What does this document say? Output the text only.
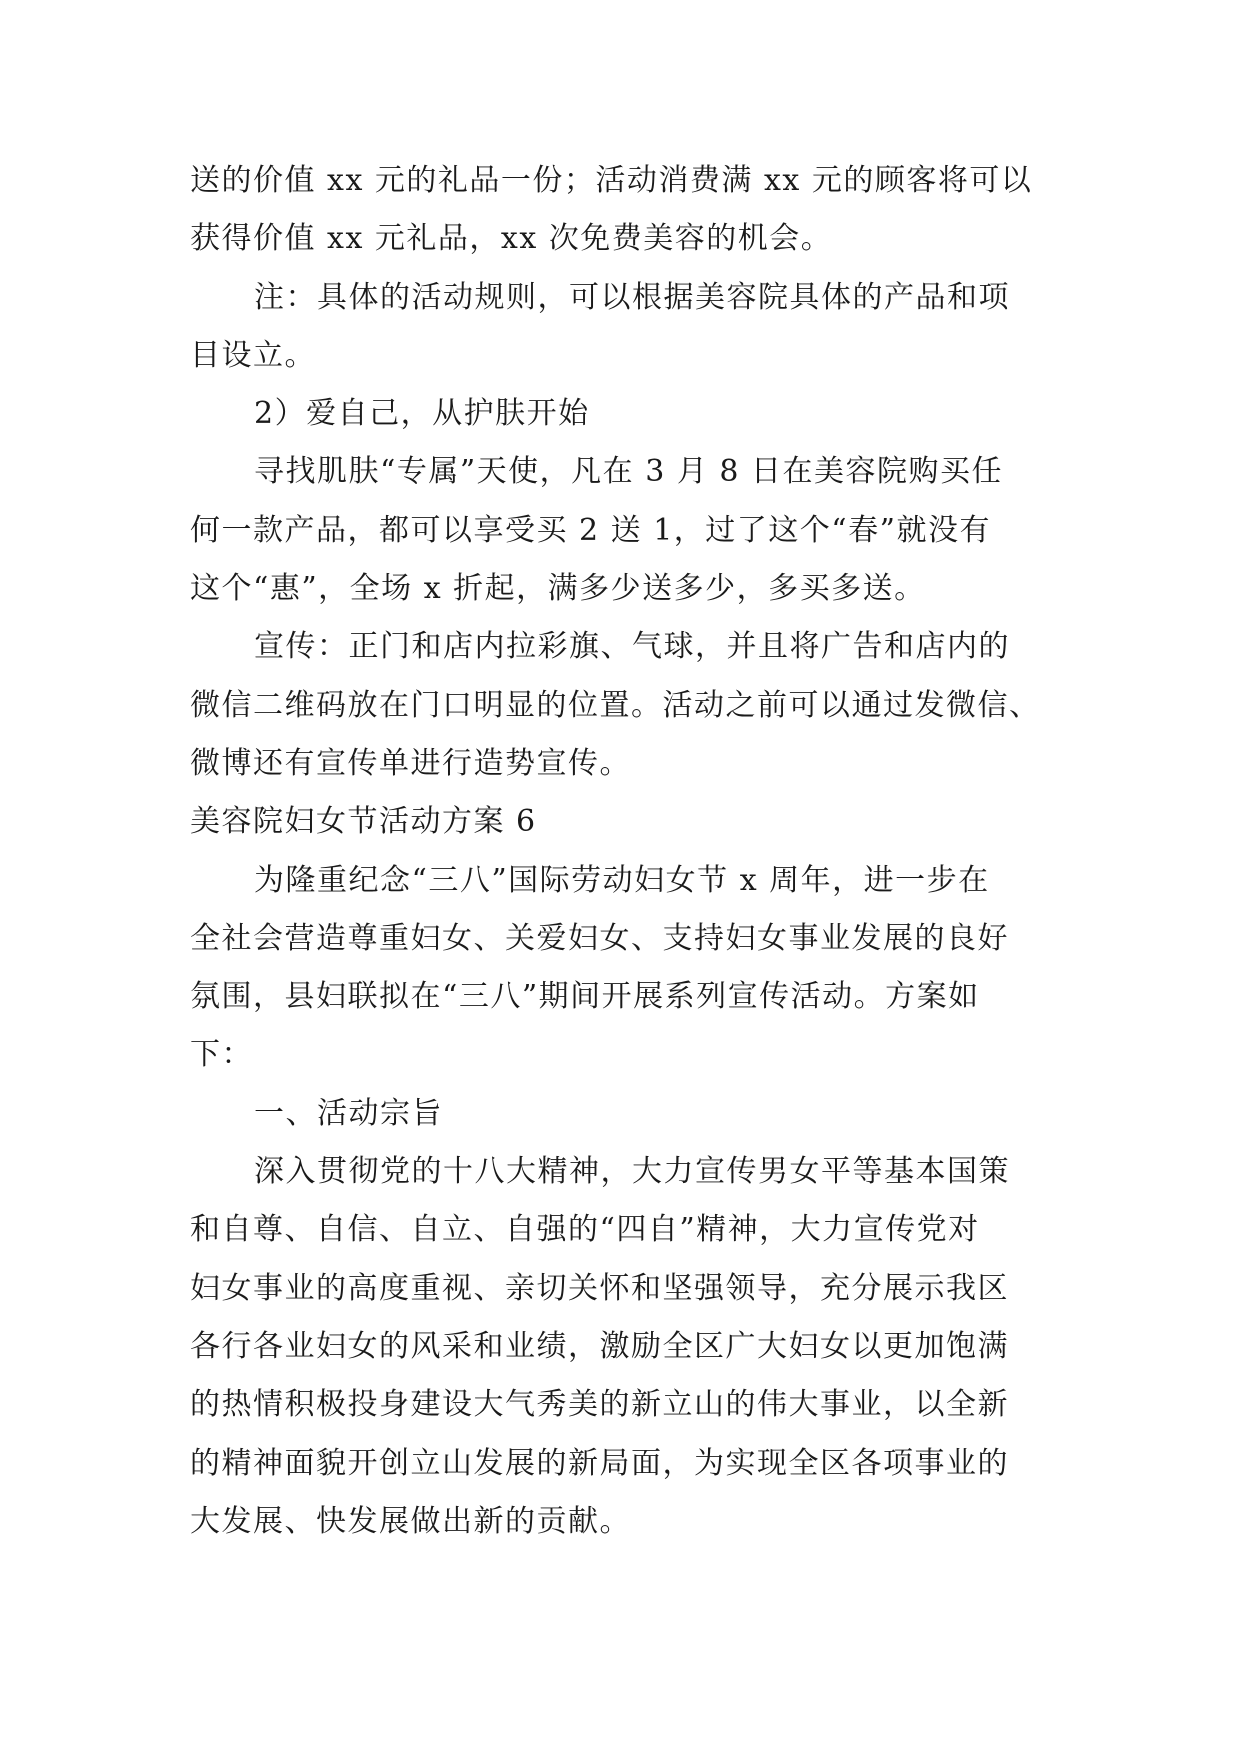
送的价值 xx 元的礼品一份；活动消费满 xx 元的顾客将可以
获得价值 xx 元礼品，xx 次免费美容的机会。
注：具体的活动规则，可以根据美容院具体的产品和项
目设立。
2）爱自己，从护肤开始
寻找肌肤“专属”天使，凡在 3 月 8 日在美容院购买任
何一款产品，都可以享受买 2 送 1，过了这个“春”就没有
这个“惠”，全场 x 折起，满多少送多少，多买多送。
宣传：正门和店内拉彩旗、气球，并且将广告和店内的
微信二维码放在门口明显的位置。活动之前可以通过发微信、
微博还有宣传单进行造势宣传。
美容院妇女节活动方案 6
为隆重纪念“三八”国际劳动妇女节 x 周年，进一步在
全社会营造尊重妇女、关爱妇女、支持妇女事业发展的良好
氛围，县妇联拟在“三八”期间开展系列宣传活动。方案如
下：
一、活动宗旨
深入贯彻党的十八大精神，大力宣传男女平等基本国策
和自尊、自信、自立、自强的“四自”精神，大力宣传党对
妇女事业的高度重视、亲切关怀和坚强领导，充分展示我区
各行各业妇女的风采和业绩，激励全区广大妇女以更加饱满
的热情积极投身建设大气秀美的新立山的伟大事业，以全新
的精神面貌开创立山发展的新局面，为实现全区各项事业的
大发展、快发展做出新的贡献。
